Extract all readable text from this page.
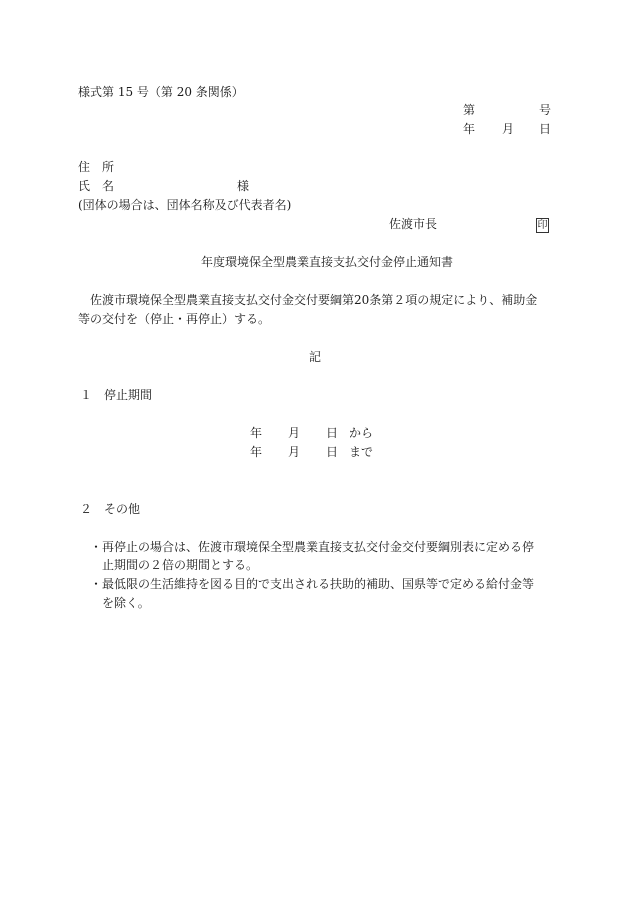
様式第 15 号（第 20 条関係）
第	号
年 月 日
住　所
氏　名	様
(団体の場合は、団体名称及び代表者名)
佐渡市長	印
年度環境保全型農業直接支払交付金停止通知書
佐渡市環境保全型農業直接支払交付金交付要綱第20条第２項の規定により、補助金
等の交付を（停止・再停止）する。
記
１　停止期間
年 月 日 から
年 月 日 まで
２　その他
・ 再停止の場合は、佐渡市環境保全型農業直接支払交付金交付要綱別表に定める停
止期間の２倍の期間とする。
・ 最低限の生活維持を図る目的で支出される扶助的補助、国県等で定める給付金等
を除く。
